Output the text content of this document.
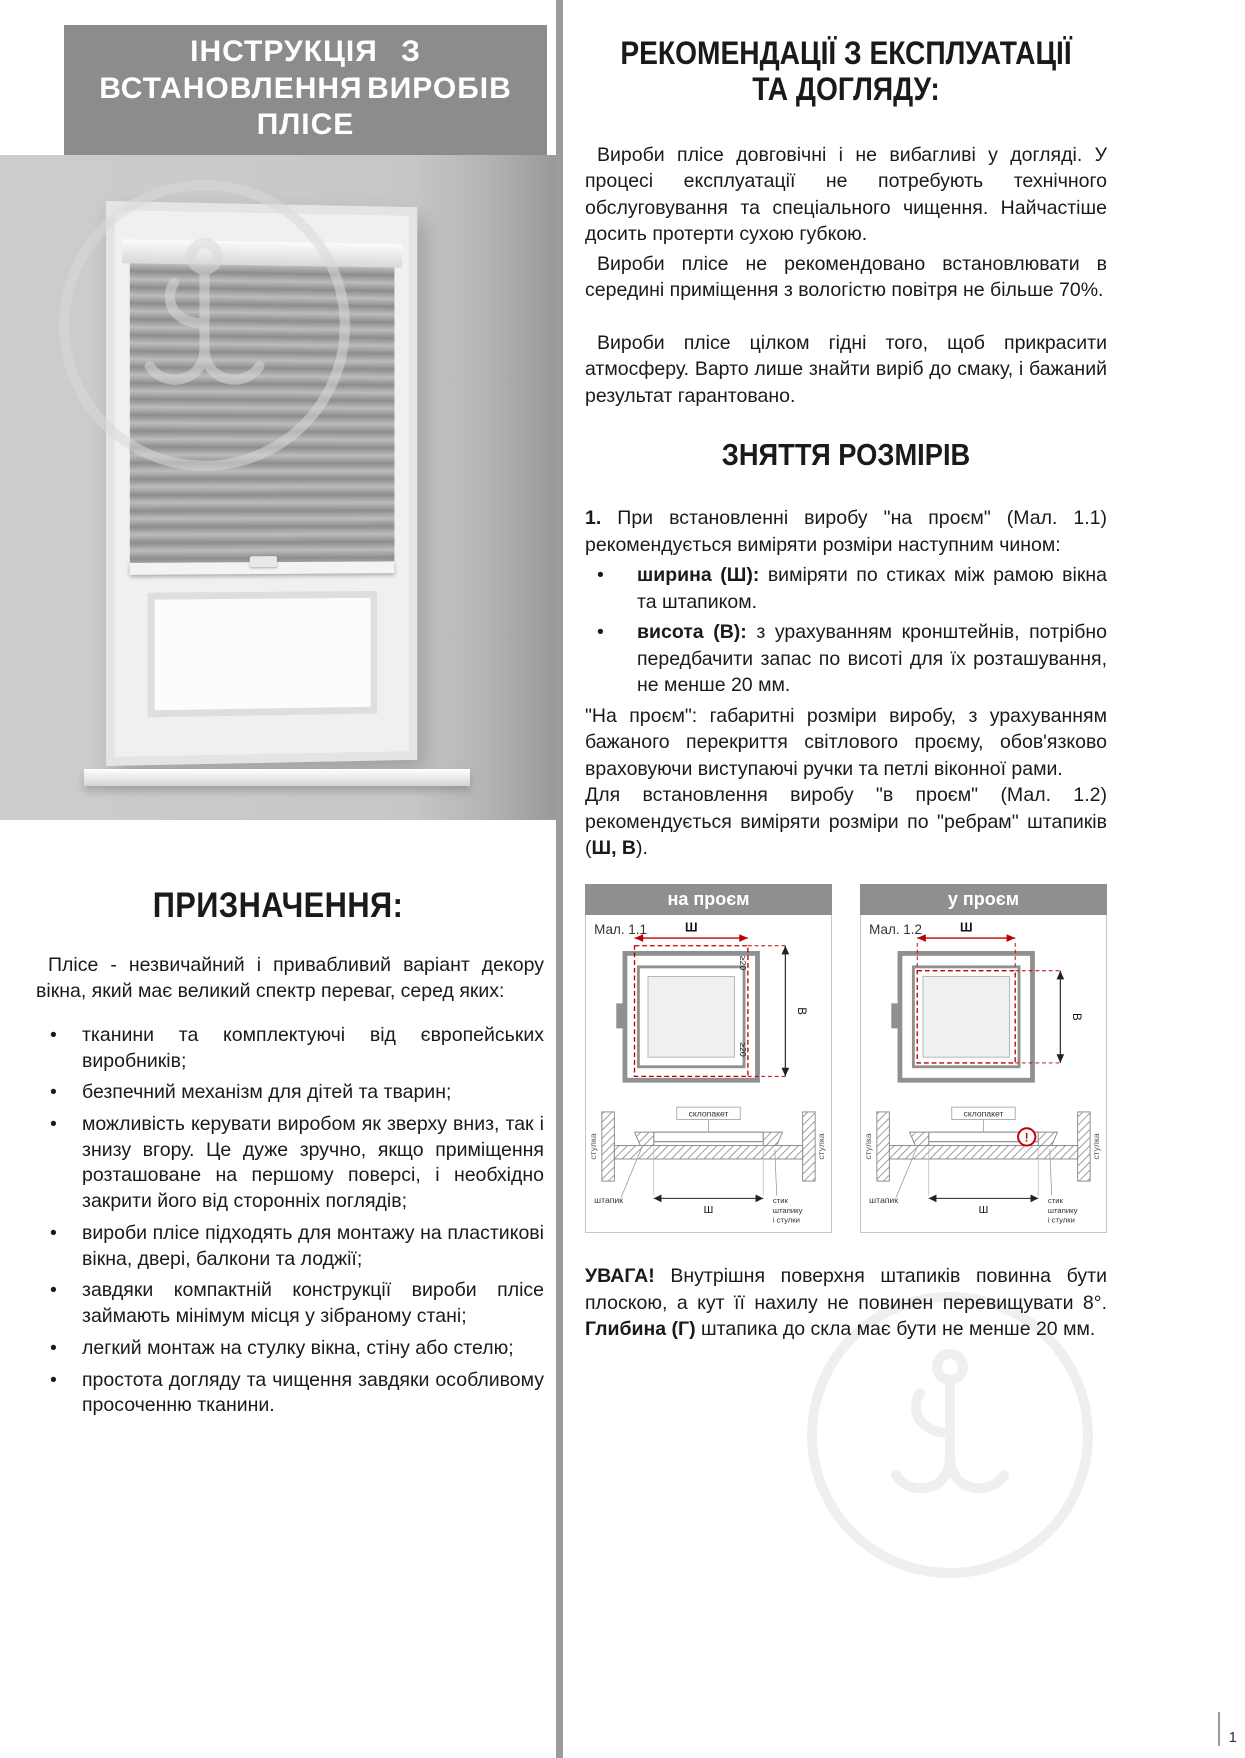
ІНСТРУКЦІЯ З ВСТАНОВЛЕННЯ ВИРОБІВ ПЛІСЕ
ПРИЗНАЧЕННЯ:

Плісе - незвичайний і привабливий варіант декору вікна, який має великий спектр переваг, серед яких:

• тканини та комплектуючі від європейських виробників;
• безпечний механізм для дітей та тварин;
• можливість керувати виробом як зверху вниз, так і знизу вгору. Це дуже зручно, якщо приміщення розташоване на першому поверсі, і необхідно закрити його від сторонніх поглядів;
• вироби плісе підходять для монтажу на пластикові вікна, двері, балкони та лоджії;
• завдяки компактній конструкції вироби плісе займають мінімум місця у зібраному стані;
• легкий монтаж на стулку вікна, стіну або стелю;
• простота догляду та чищення завдяки особливому просоченню тканини.
РЕКОМЕНДАЦІЇ З ЕКСПЛУАТАЦІЇ
ТА ДОГЛЯДУ:

Вироби плісе довговічні і не вибагливі у догляді. У процесі експлуатації не потребують технічного обслуговування та спеціального чищення. Найчастіше досить протерти сухою губкою.

Вироби плісе не рекомендовано встановлювати в середині приміщення з вологістю повітря не більше 70%.

Вироби плісе цілком гідні того, щоб прикрасити атмосферу. Варто лише знайти виріб до смаку, і бажаний результат гарантовано.

ЗНЯТТЯ РОЗМІРІВ

1. При встановленні виробу "на проєм" (Мал. 1.1) рекомендується виміряти розміри наступним чином:

• ширина (Ш): виміряти по стиках між рамою вікна та штапиком.
• висота (В): з урахуванням кронштейнів, потрібно передбачити запас по висоті для їх розташування, не менше 20 мм.

"На проєм": габаритні розміри виробу, з урахуванням бажаного перекриття світлового проєму, обов'язково враховуючи виступаючі ручки та петлі віконної рами.

Для встановлення виробу "в проєм" (Мал. 1.2) рекомендується виміряти розміри по "ребрам" штапиків (Ш, В).

на проєм
Мал. 1.1	Ш
В
≥20
≥20
стулка	стулка
склопакет
штапик
Ш
стик
штапику
і стулки
у проєм
Мал. 1.2	Ш
В
стулка	стулка
склопакет
!
штапик
Ш
стик
штапику
і стулки

УВАГА! Внутрішня поверхня штапиків повинна бути плоскою, а кут її нахилу не повинен перевищувати 8°. Глибина (Г) штапика до скла має бути не менше 20 мм.

1
